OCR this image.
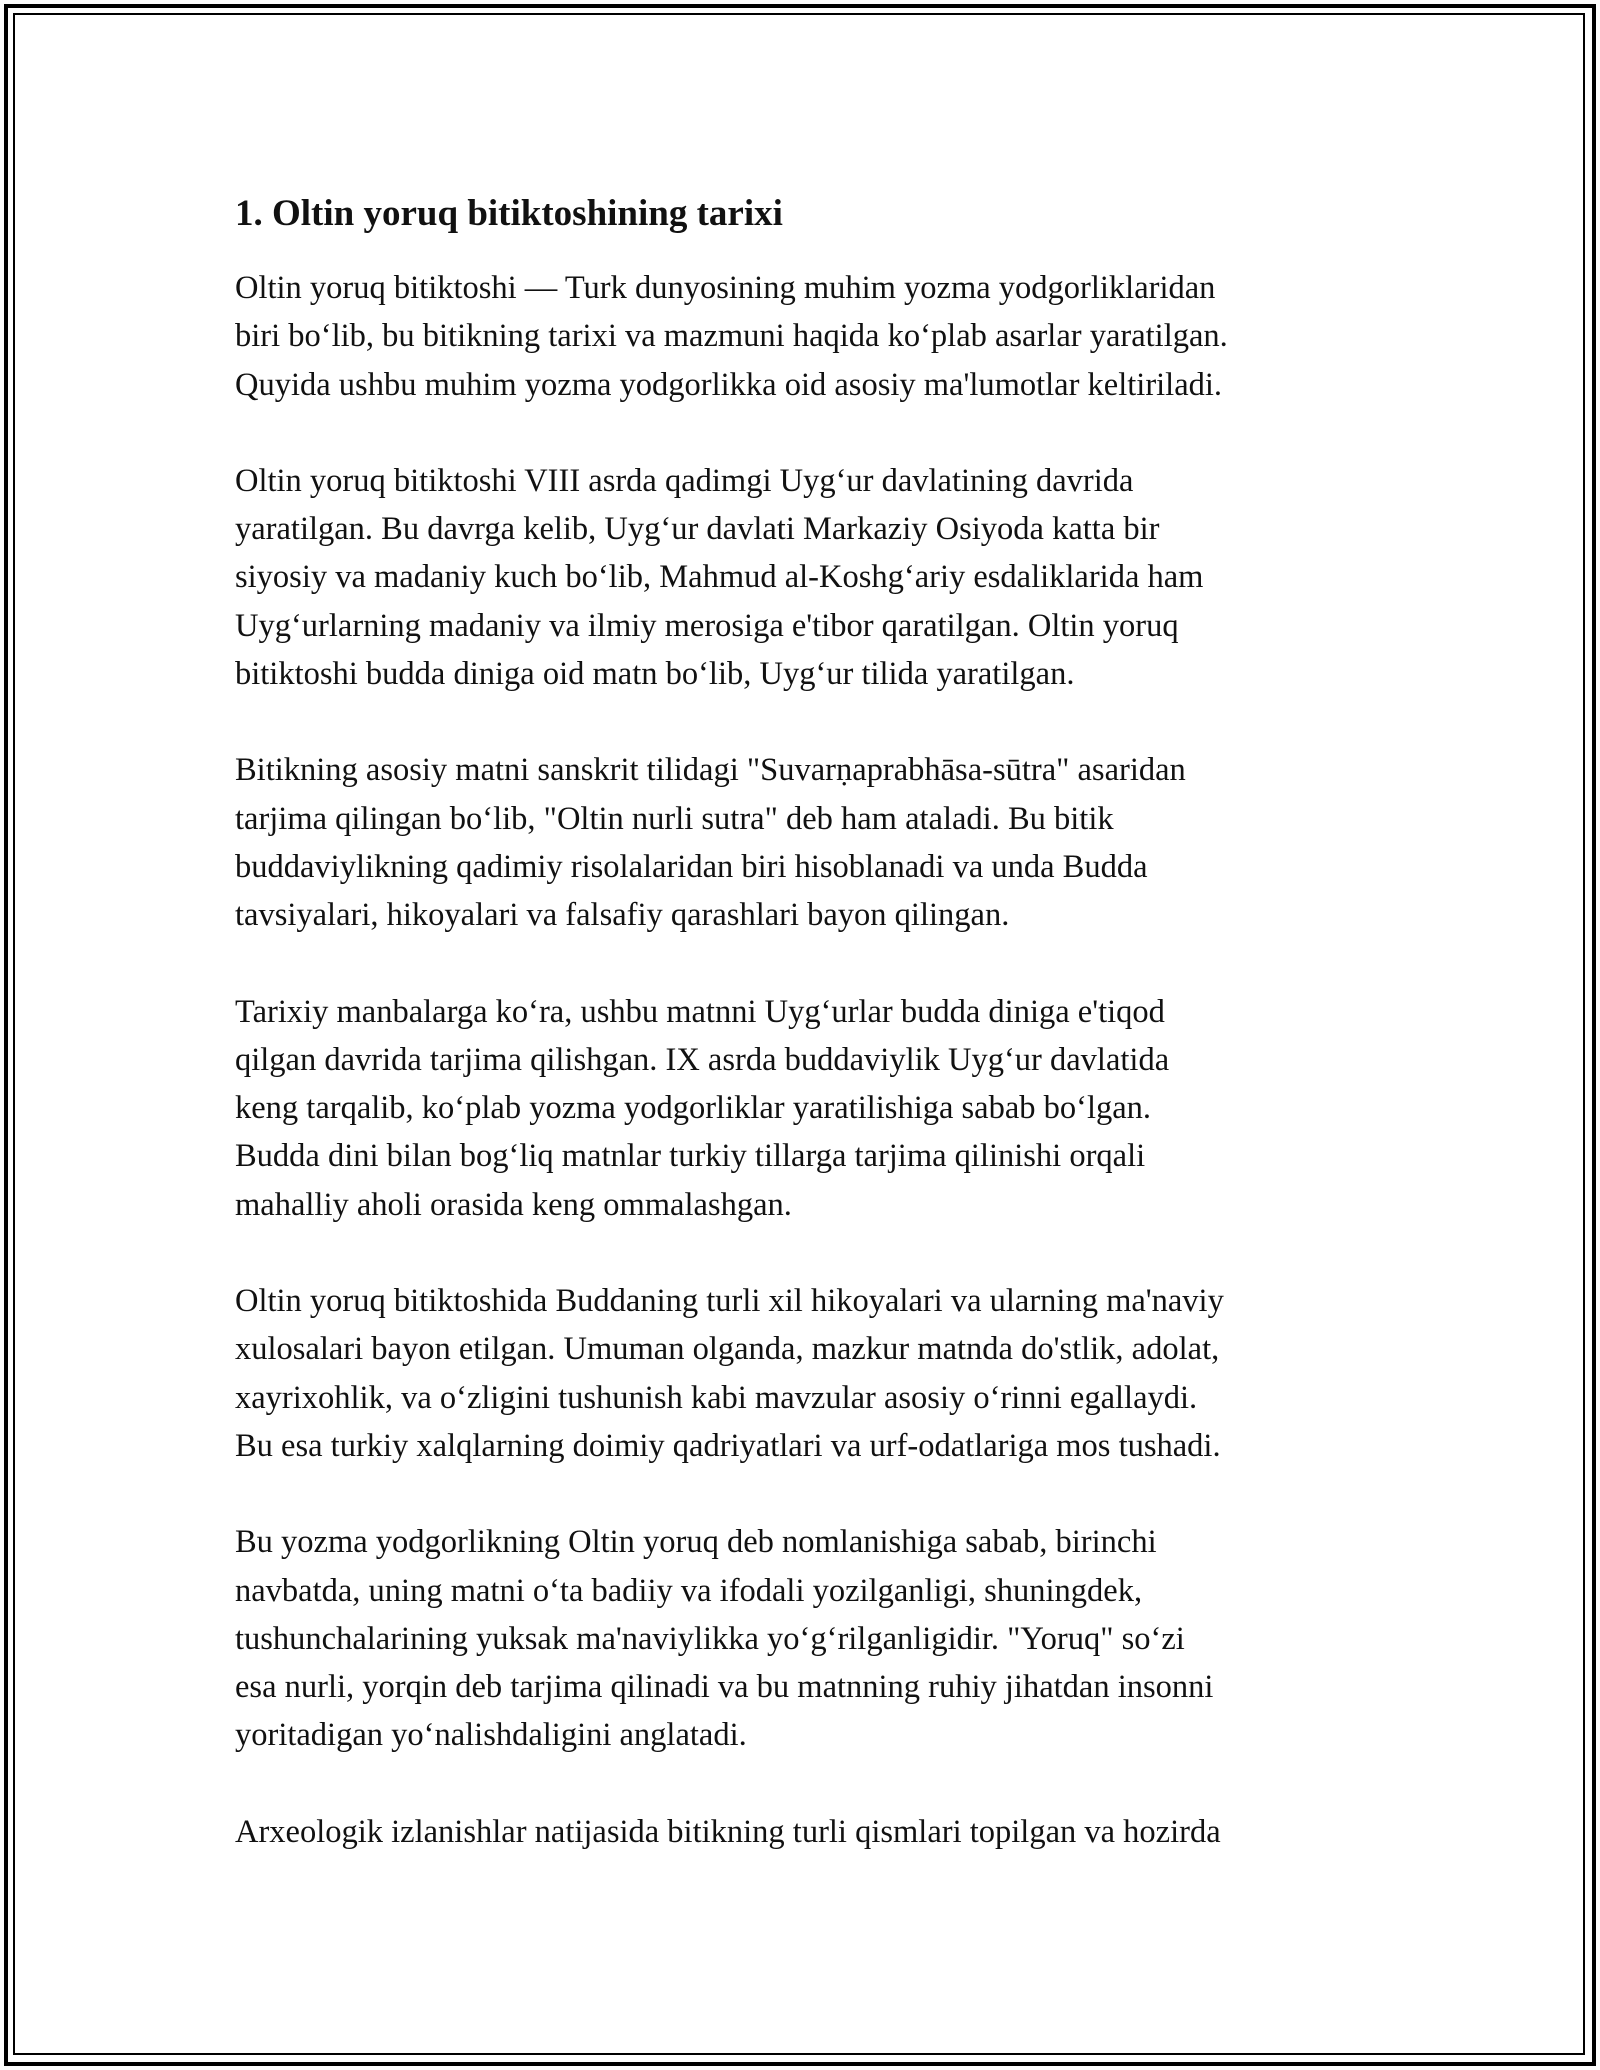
1. Oltin yoruq bitiktoshining tarixi

Oltin yoruq bitiktoshi — Turk dunyosining muhim yozma yodgorliklaridan
biri boʻlib, bu bitikning tarixi va mazmuni haqida koʻplab asarlar yaratilgan.
Quyida ushbu muhim yozma yodgorlikka oid asosiy ma'lumotlar keltiriladi.

Oltin yoruq bitiktoshi VIII asrda qadimgi Uygʻur davlatining davrida
yaratilgan. Bu davrga kelib, Uygʻur davlati Markaziy Osiyoda katta bir
siyosiy va madaniy kuch boʻlib, Mahmud al-Koshgʻariy esdaliklarida ham
Uygʻurlarning madaniy va ilmiy merosiga e'tibor qaratilgan. Oltin yoruq
bitiktoshi budda diniga oid matn boʻlib, Uygʻur tilida yaratilgan.

Bitikning asosiy matni sanskrit tilidagi "Suvarṇaprabhāsa-sūtra" asaridan
tarjima qilingan boʻlib, "Oltin nurli sutra" deb ham ataladi. Bu bitik
buddaviylikning qadimiy risolalaridan biri hisoblanadi va unda Budda
tavsiyalari, hikoyalari va falsafiy qarashlari bayon qilingan.

Tarixiy manbalarga koʻra, ushbu matnni Uygʻurlar budda diniga e'tiqod
qilgan davrida tarjima qilishgan. IX asrda buddaviylik Uygʻur davlatida
keng tarqalib, koʻplab yozma yodgorliklar yaratilishiga sabab boʻlgan.
Budda dini bilan bogʻliq matnlar turkiy tillarga tarjima qilinishi orqali
mahalliy aholi orasida keng ommalashgan.

Oltin yoruq bitiktoshida Buddaning turli xil hikoyalari va ularning ma'naviy
xulosalari bayon etilgan. Umuman olganda, mazkur matnda do'stlik, adolat,
xayrixohlik, va oʻzligini tushunish kabi mavzular asosiy oʻrinni egallaydi.
Bu esa turkiy xalqlarning doimiy qadriyatlari va urf-odatlariga mos tushadi.

Bu yozma yodgorlikning Oltin yoruq deb nomlanishiga sabab, birinchi
navbatda, uning matni oʻta badiiy va ifodali yozilganligi, shuningdek,
tushunchalarining yuksak ma'naviylikka yoʻgʻrilganligidir. "Yoruq" soʻzi
esa nurli, yorqin deb tarjima qilinadi va bu matnning ruhiy jihatdan insonni
yoritadigan yoʻnalishdaligini anglatadi.

Arxeologik izlanishlar natijasida bitikning turli qismlari topilgan va hozirda
